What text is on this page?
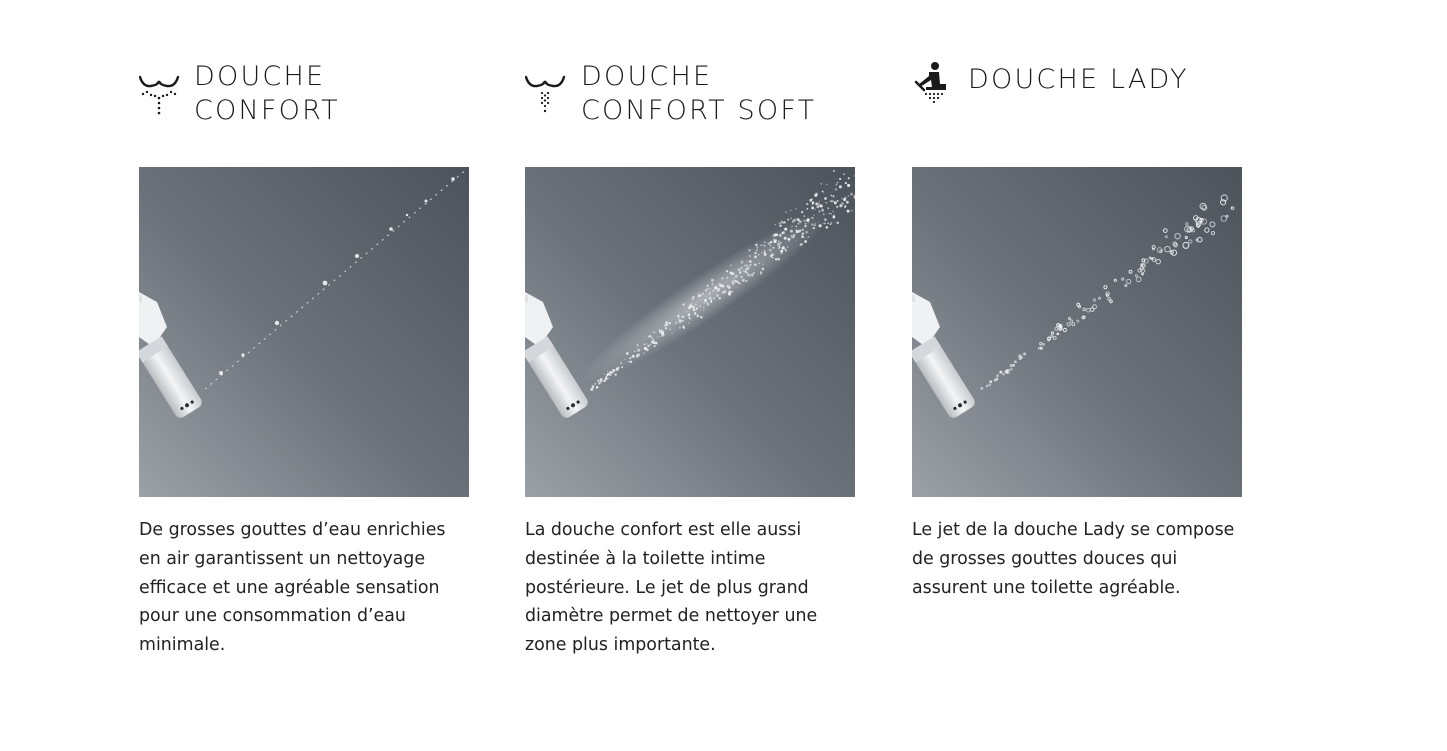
DOUCHE
CONFORT

De grosses gouttes d’eau enrichies en air garantissent un nettoyage efficace et une agréable sensation pour une consommation d’eau minimale.

DOUCHE
CONFORT SOFT

La douche confort est elle aussi destinée à la toilette intime postérieure. Le jet de plus grand diamètre permet de nettoyer une zone plus importante.

DOUCHE LADY

Le jet de la douche Lady se compose de grosses gouttes douces qui assurent une toilette agréable.
